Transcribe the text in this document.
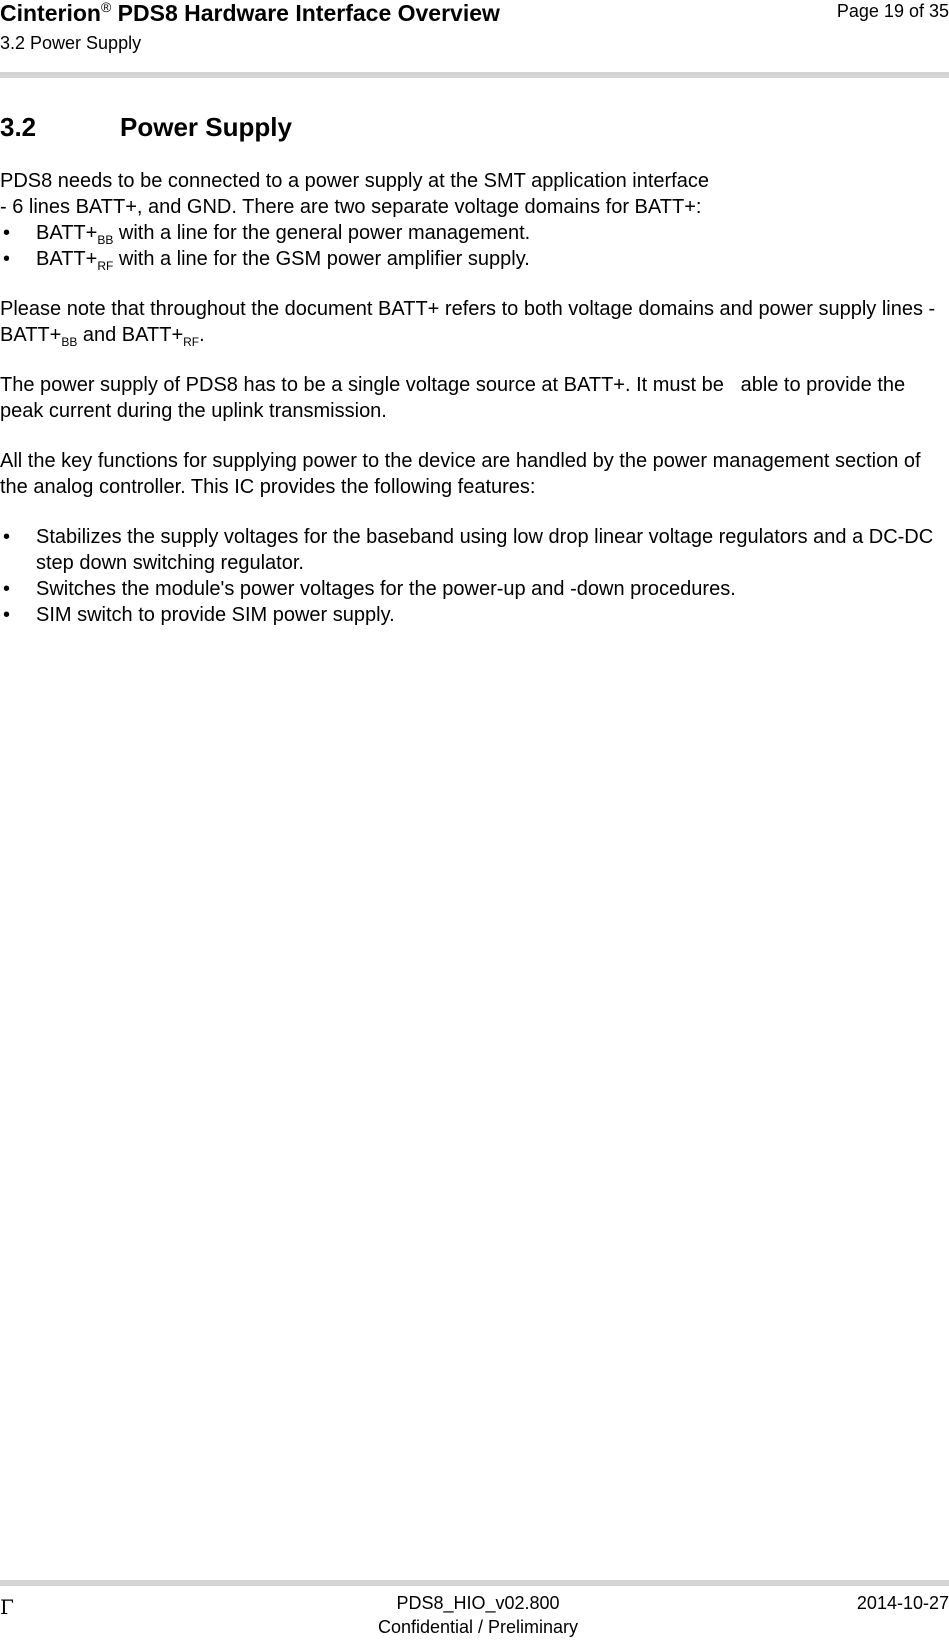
Cinterion® PDS8 Hardware Interface Overview
3.2 Power Supply
Page 19 of 35
3.2	Power Supply

PDS8 needs to be connected to a power supply at the SMT application interface
- 6 lines BATT+, and GND. There are two separate voltage domains for BATT+:

• $BATT+_{BB}$ with a line for the general power management.
• $BATT+_{RF}$ with a line for the GSM power amplifier supply.

Please note that throughout the document BATT+ refers to both voltage domains and power supply lines - $BATT+_{BB}$ and $BATT+_{RF}$.

The power supply of PDS8 has to be a single voltage source at BATT+. It must be   able to provide the peak current during the uplink transmission.

All the key functions for supplying power to the device are handled by the power management section of the analog controller. This IC provides the following features:

• Stabilizes the supply voltages for the baseband using low drop linear voltage regulators and a DC-DC step down switching regulator.
• Switches the module's power voltages for the power-up and -down procedures.
• SIM switch to provide SIM power supply.
Γ	PDS8_HIO_v02.800
Confidential / Preliminary
2014-10-27
